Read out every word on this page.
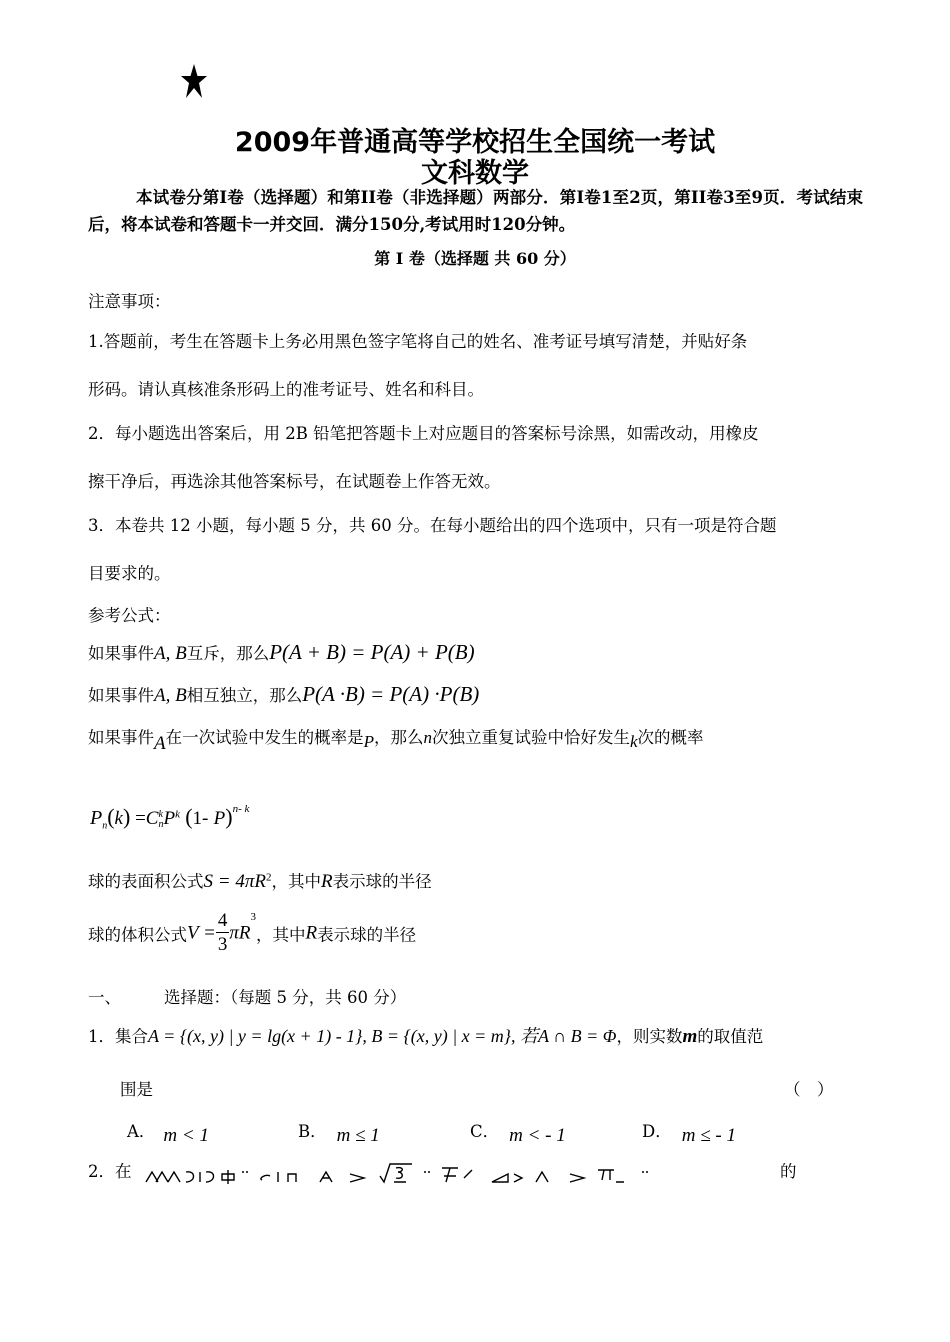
2009年普通高等学校招生全国统一考试
文科数学
本试卷分第I卷（选择题）和第II卷（非选择题）两部分．第I卷1至2页，第II卷3至9页．考试结束后，将本试卷和答题卡一并交回．满分150分,考试用时120分钟。
第 I 卷（选择题 共 60 分）
注意事项：
1.答题前，考生在答题卡上务必用黑色签字笔将自己的姓名、准考证号填写清楚，并贴好条
形码。请认真核准条形码上的准考证号、姓名和科目。
2．每小题选出答案后，用 2B 铅笔把答题卡上对应题目的答案标号涂黑，如需改动，用橡皮
擦干净后，再选涂其他答案标号，在试题卷上作答无效。
3．本卷共 12 小题，每小题 5 分，共 60 分。在每小题给出的四个选项中，只有一项是符合题
目要求的。
参考公式：
如果事件A, B互斥，那么P(A + B) = P(A) + P(B)
如果事件A, B相互独立，那么P(A ·B) = P(A) ·P(B)
如果事件A在一次试验中发生的概率是P，那么n次独立重复试验中恰好发生k次的概率
$P_n(k) =C$ k
n $P^k$ (1- P)$^{n- k}$
球的表面积公式$S = 4\pi R^2$，其中R表示球的半径
球的体积公式$V = \frac{4}{3} \pi R^3$，其中R表示球的半径
一、	选择题：（每题 5 分，共 60 分）
1．集合A = {(x, y) | y = lg(x + 1) - 1}, B = {(x, y) | x = m}, 若A ∩ B = Φ，则实数m的取值范
围是	（　）
A． m < 1	B． m ≤ 1	C． m < - 1	D． m ≤ - 1
2．在	的
